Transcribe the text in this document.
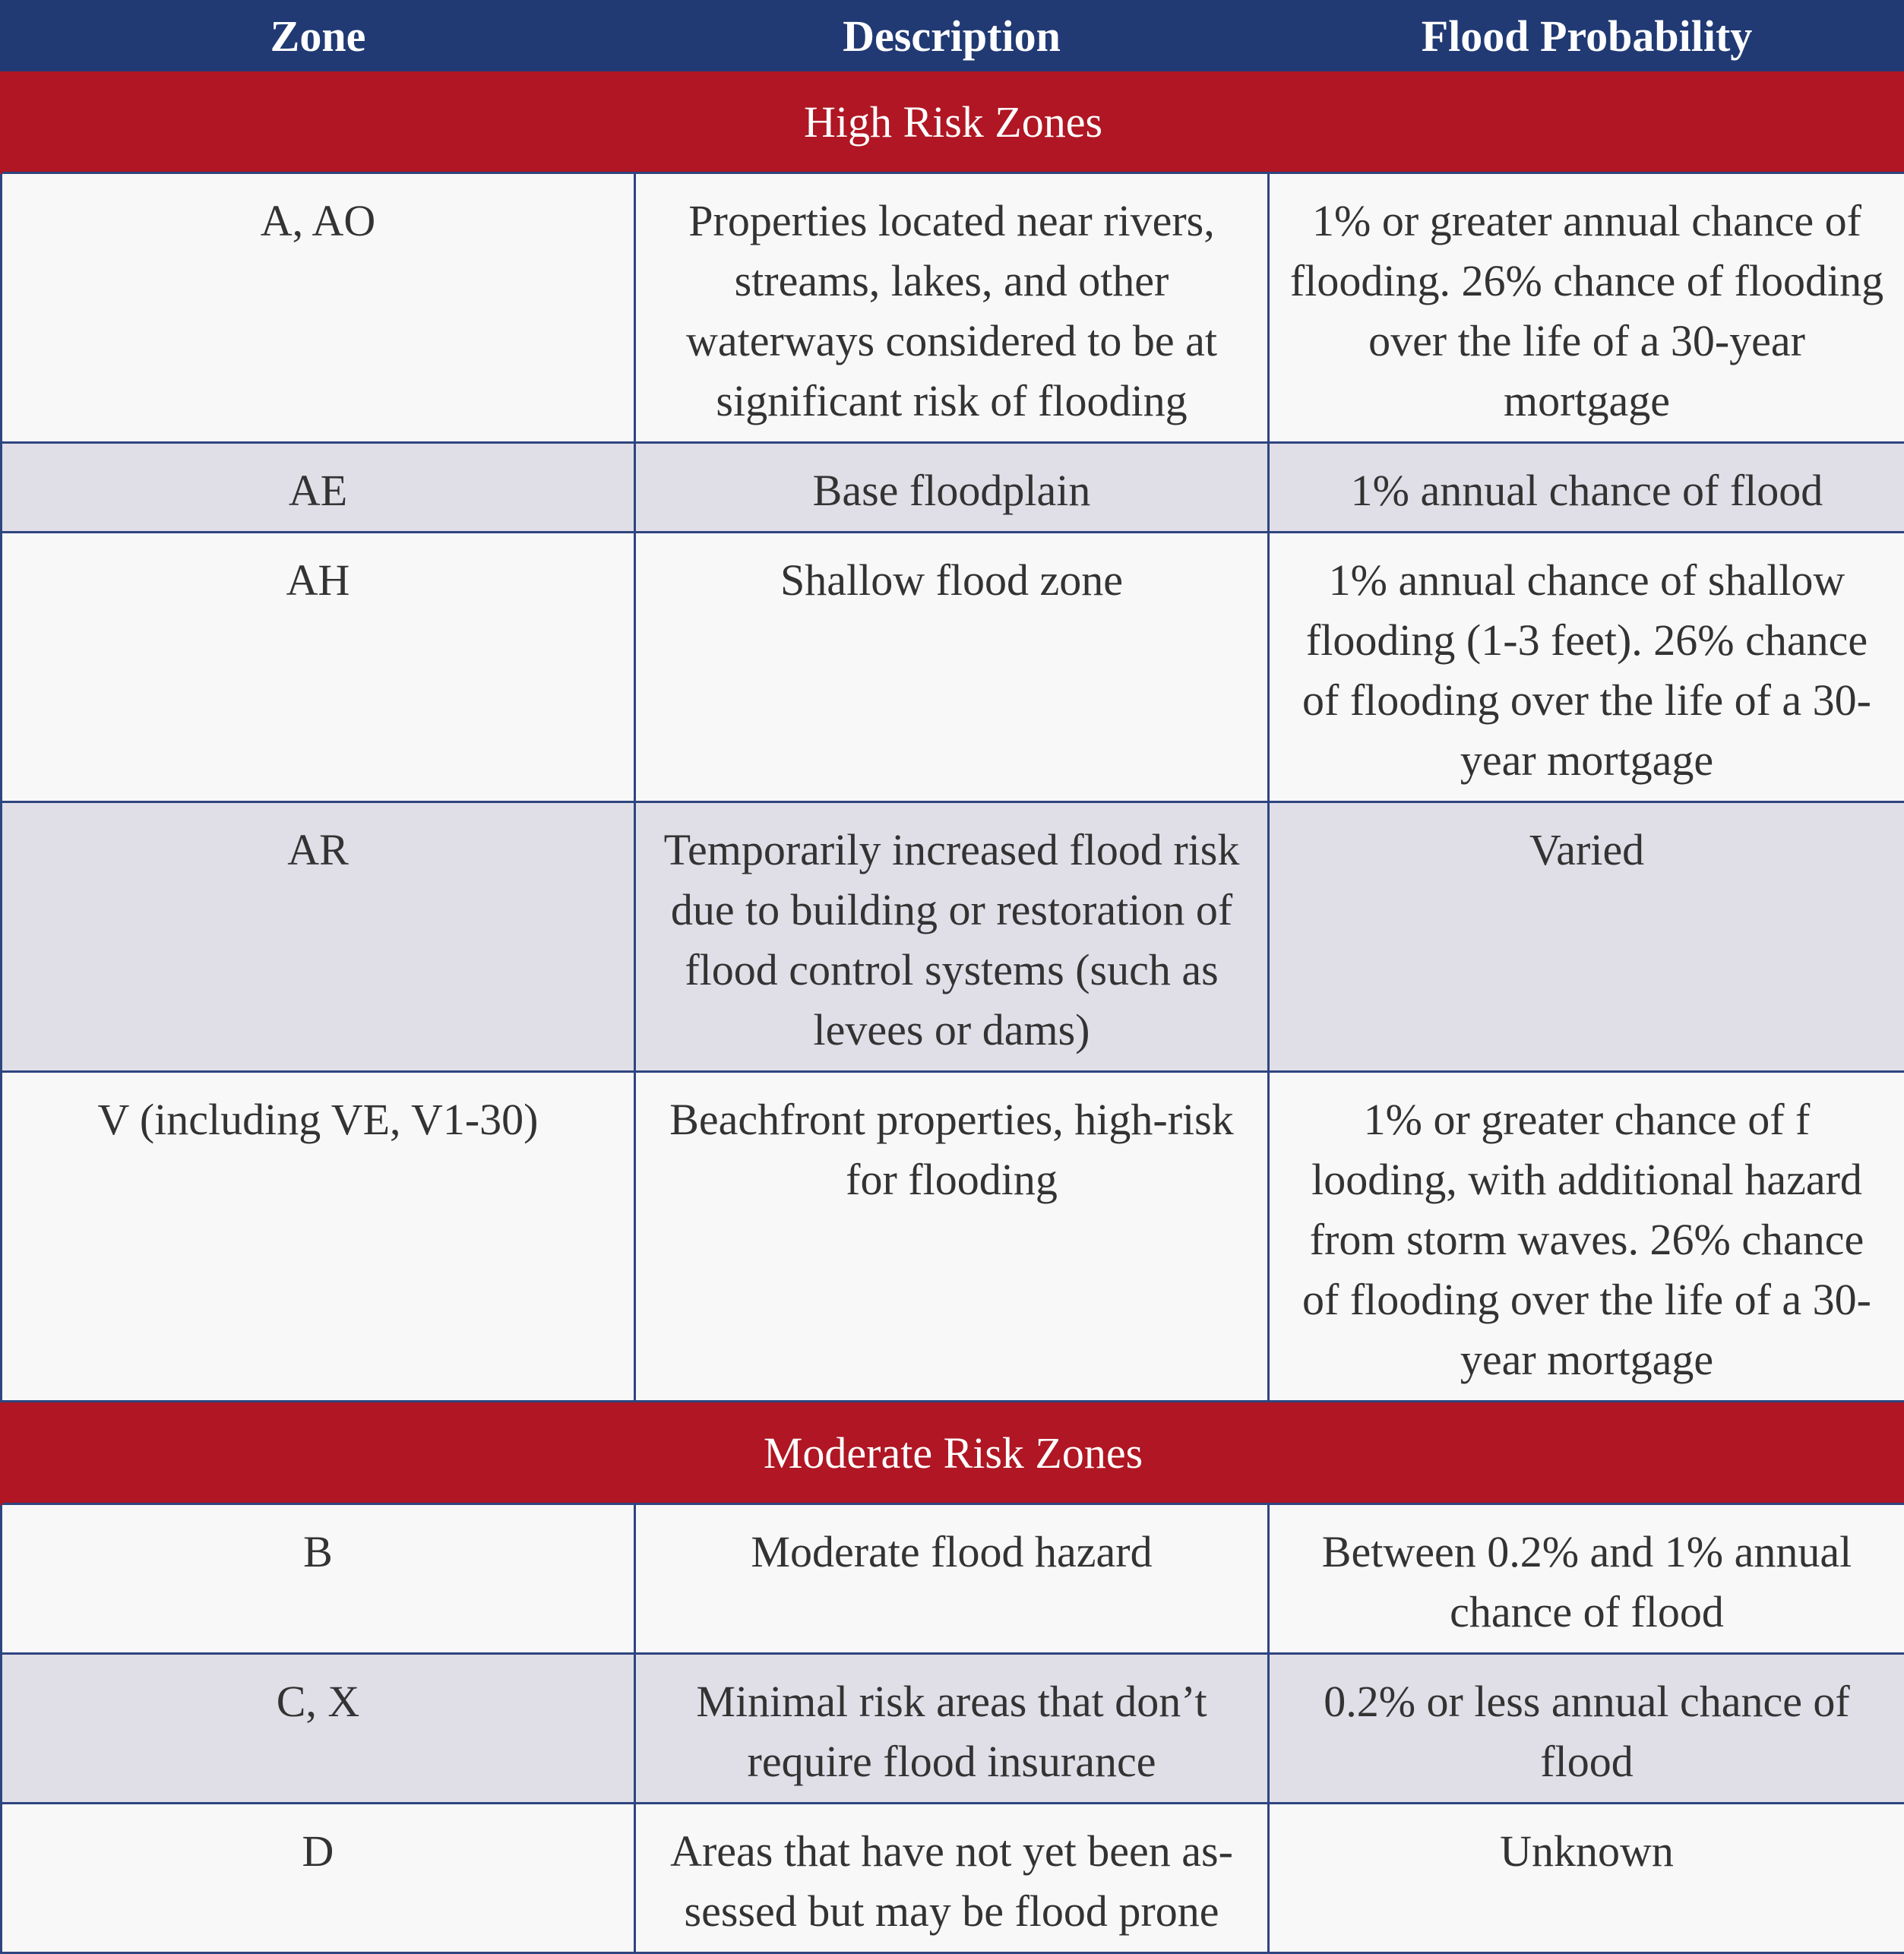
Zone	Description	Flood Probability
High Risk Zones		
A, AO	Properties located near rivers, streams, lakes, and other waterways considered to be at significant risk of flooding	1% or greater annual chance of flooding. 26% chance of flooding over the life of a 30-year mortgage
AE	Base floodplain	1% annual chance of flood
AH	Shallow flood zone	1% annual chance of shallow flooding (1-3 feet). 26% chance of flooding over the life of a 30-year mortgage
AR	Temporarily increased flood risk due to building or restoration of flood control systems (such as levees or dams)	Varied
V (including VE, V1-30)	Beachfront properties, high-risk for flooding	1% or greater chance of f looding, with additional hazard from storm waves. 26% chance of flooding over the life of a 30-year mortgage
Moderate Risk Zones		
B	Moderate flood hazard	Between 0.2% and 1% annual chance of flood
C, X	Minimal risk areas that don’t require flood insurance	0.2% or less annual chance of flood
D	Areas that have not yet been as-sessed but may be flood prone	Unknown
